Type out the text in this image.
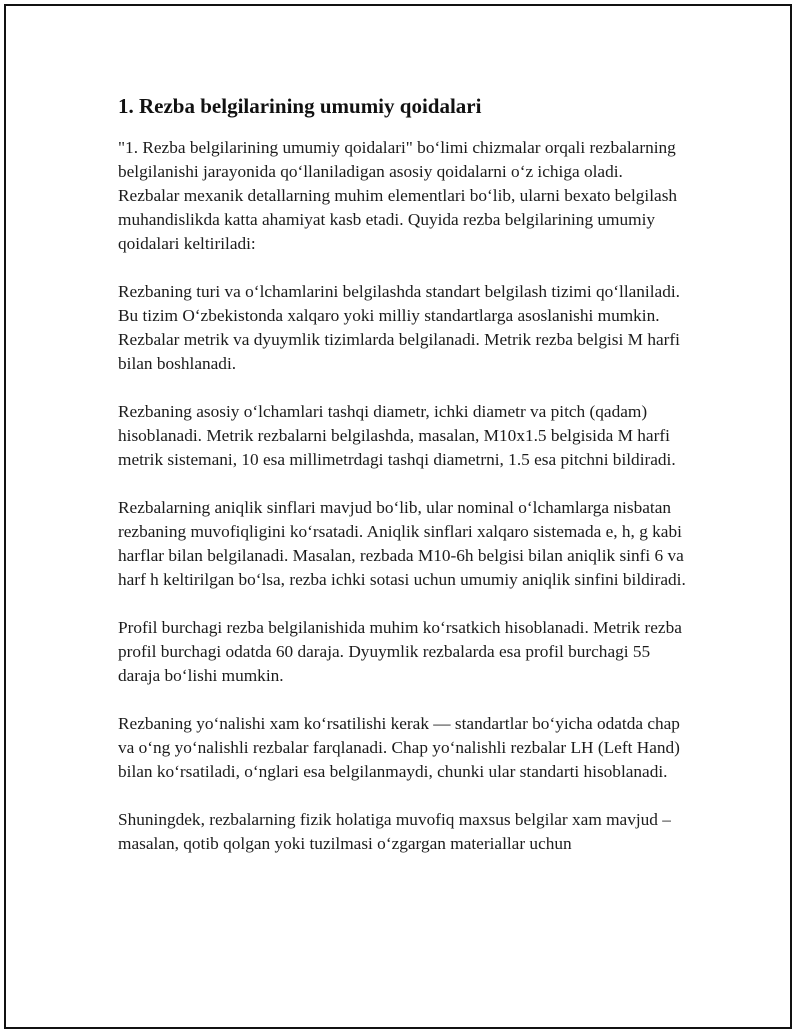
1. Rezba belgilarining umumiy qoidalari

"1. Rezba belgilarining umumiy qoidalari" bo‘limi chizmalar orqali rezbalarning belgilanishi jarayonida qo‘llaniladigan asosiy qoidalarni o‘z ichiga oladi. Rezbalar mexanik detallarning muhim elementlari bo‘lib, ularni bexato belgilash muhandislikda katta ahamiyat kasb etadi. Quyida rezba belgilarining umumiy qoidalari keltiriladi:

Rezbaning turi va o‘lchamlarini belgilashda standart belgilash tizimi qo‘llaniladi. Bu tizim O‘zbekistonda xalqaro yoki milliy standartlarga asoslanishi mumkin. Rezbalar metrik va dyuymlik tizimlarda belgilanadi. Metrik rezba belgisi M harfi bilan boshlanadi.

Rezbaning asosiy o‘lchamlari tashqi diametr, ichki diametr va pitch (qadam) hisoblanadi. Metrik rezbalarni belgilashda, masalan, M10x1.5 belgisida M harfi metrik sistemani, 10 esa millimetrdagi tashqi diametrni, 1.5 esa pitchni bildiradi.

Rezbalarning aniqlik sinflari mavjud bo‘lib, ular nominal o‘lchamlarga nisbatan rezbaning muvofiqligini ko‘rsatadi. Aniqlik sinflari xalqaro sistemada e, h, g kabi harflar bilan belgilanadi. Masalan, rezbada M10-6h belgisi bilan aniqlik sinfi 6 va harf h keltirilgan bo‘lsa, rezba ichki sotasi uchun umumiy aniqlik sinfini bildiradi.

Profil burchagi rezba belgilanishida muhim ko‘rsatkich hisoblanadi. Metrik rezba profil burchagi odatda 60 daraja. Dyuymlik rezbalarda esa profil burchagi 55 daraja bo‘lishi mumkin.

Rezbaning yo‘nalishi xam ko‘rsatilishi kerak — standartlar bo‘yicha odatda chap va o‘ng yo‘nalishli rezbalar farqlanadi. Chap yo‘nalishli rezbalar LH (Left Hand) bilan ko‘rsatiladi, o‘nglari esa belgilanmaydi, chunki ular standarti hisoblanadi.

Shuningdek, rezbalarning fizik holatiga muvofiq maxsus belgilar xam mavjud – masalan, qotib qolgan yoki tuzilmasi o‘zgargan materiallar uchun
